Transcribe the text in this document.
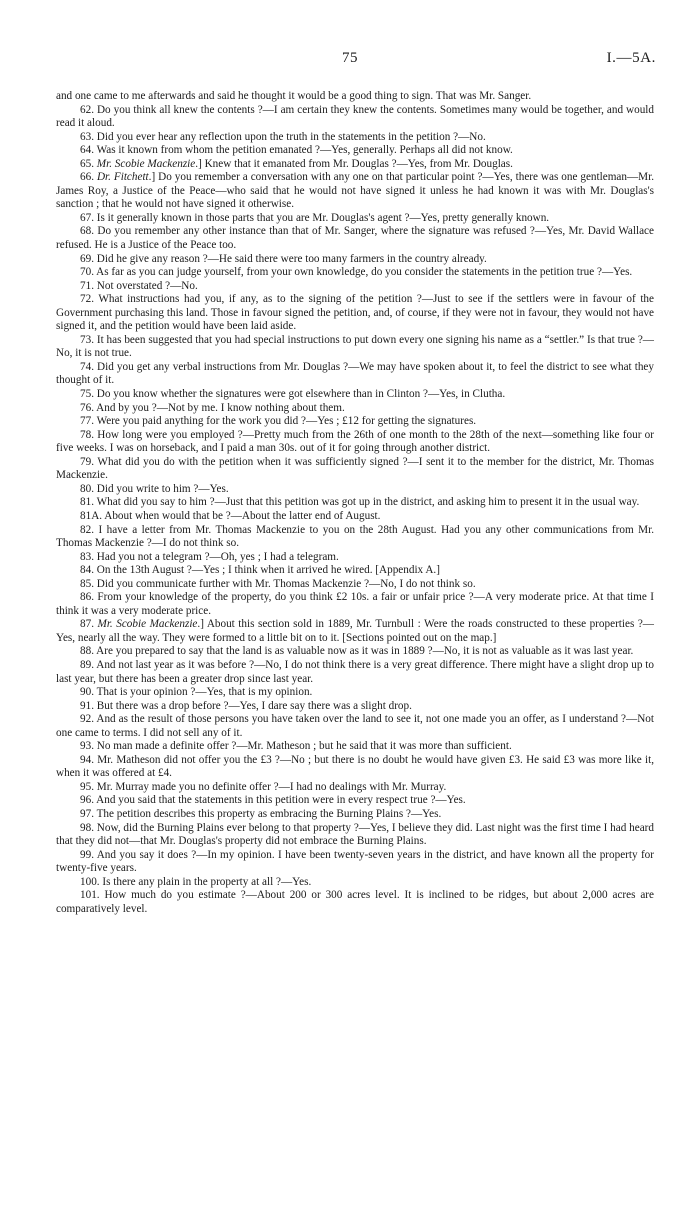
75	I.—5A.

and one came to me afterwards and said he thought it would be a good thing to sign. That was Mr. Sanger.

62. Do you think all knew the contents ?—I am certain they knew the contents. Sometimes many would be together, and would read it aloud.

63. Did you ever hear any reflection upon the truth in the statements in the petition ?—No.

64. Was it known from whom the petition emanated ?—Yes, generally. Perhaps all did not know.

65. Mr. Scobie Mackenzie.] Knew that it emanated from Mr. Douglas ?—Yes, from Mr. Douglas.

66. Dr. Fitchett.] Do you remember a conversation with any one on that particular point ?—Yes, there was one gentleman—Mr. James Roy, a Justice of the Peace—who said that he would not have signed it unless he had known it was with Mr. Douglas's sanction ; that he would not have signed it otherwise.

67. Is it generally known in those parts that you are Mr. Douglas's agent ?—Yes, pretty generally known.

68. Do you remember any other instance than that of Mr. Sanger, where the signature was refused ?—Yes, Mr. David Wallace refused. He is a Justice of the Peace too.

69. Did he give any reason ?—He said there were too many farmers in the country already.

70. As far as you can judge yourself, from your own knowledge, do you consider the statements in the petition true ?—Yes.

71. Not overstated ?—No.

72. What instructions had you, if any, as to the signing of the petition ?—Just to see if the settlers were in favour of the Government purchasing this land. Those in favour signed the petition, and, of course, if they were not in favour, they would not have signed it, and the petition would have been laid aside.

73. It has been suggested that you had special instructions to put down every one signing his name as a “settler.” Is that true ?—No, it is not true.

74. Did you get any verbal instructions from Mr. Douglas ?—We may have spoken about it, to feel the district to see what they thought of it.

75. Do you know whether the signatures were got elsewhere than in Clinton ?—Yes, in Clutha.

76. And by you ?—Not by me. I know nothing about them.

77. Were you paid anything for the work you did ?—Yes ; £12 for getting the signatures.

78. How long were you employed ?—Pretty much from the 26th of one month to the 28th of the next—something like four or five weeks. I was on horseback, and I paid a man 30s. out of it for going through another district.

79. What did you do with the petition when it was sufficiently signed ?—I sent it to the member for the district, Mr. Thomas Mackenzie.

80. Did you write to him ?—Yes.

81. What did you say to him ?—Just that this petition was got up in the district, and asking him to present it in the usual way.

81A. About when would that be ?—About the latter end of August.

82. I have a letter from Mr. Thomas Mackenzie to you on the 28th August. Had you any other communications from Mr. Thomas Mackenzie ?—I do not think so.

83. Had you not a telegram ?—Oh, yes ; I had a telegram.

84. On the 13th August ?—Yes ; I think when it arrived he wired. [Appendix A.]

85. Did you communicate further with Mr. Thomas Mackenzie ?—No, I do not think so.

86. From your knowledge of the property, do you think £2 10s. a fair or unfair price ?—A very moderate price. At that time I think it was a very moderate price.

87. Mr. Scobie Mackenzie.] About this section sold in 1889, Mr. Turnbull : Were the roads constructed to these properties ?—Yes, nearly all the way. They were formed to a little bit on to it. [Sections pointed out on the map.]

88. Are you prepared to say that the land is as valuable now as it was in 1889 ?—No, it is not as valuable as it was last year.

89. And not last year as it was before ?—No, I do not think there is a very great difference. There might have a slight drop up to last year, but there has been a greater drop since last year.

90. That is your opinion ?—Yes, that is my opinion.

91. But there was a drop before ?—Yes, I dare say there was a slight drop.

92. And as the result of those persons you have taken over the land to see it, not one made you an offer, as I understand ?—Not one came to terms. I did not sell any of it.

93. No man made a definite offer ?—Mr. Matheson ; but he said that it was more than sufficient.

94. Mr. Matheson did not offer you the £3 ?—No ; but there is no doubt he would have given £3. He said £3 was more like it, when it was offered at £4.

95. Mr. Murray made you no definite offer ?—I had no dealings with Mr. Murray.

96. And you said that the statements in this petition were in every respect true ?—Yes.

97. The petition describes this property as embracing the Burning Plains ?—Yes.

98. Now, did the Burning Plains ever belong to that property ?—Yes, I believe they did. Last night was the first time I had heard that they did not—that Mr. Douglas's property did not embrace the Burning Plains.

99. And you say it does ?—In my opinion. I have been twenty-seven years in the district, and have known all the property for twenty-five years.

100. Is there any plain in the property at all ?—Yes.

101. How much do you estimate ?—About 200 or 300 acres level. It is inclined to be ridges, but about 2,000 acres are comparatively level.
